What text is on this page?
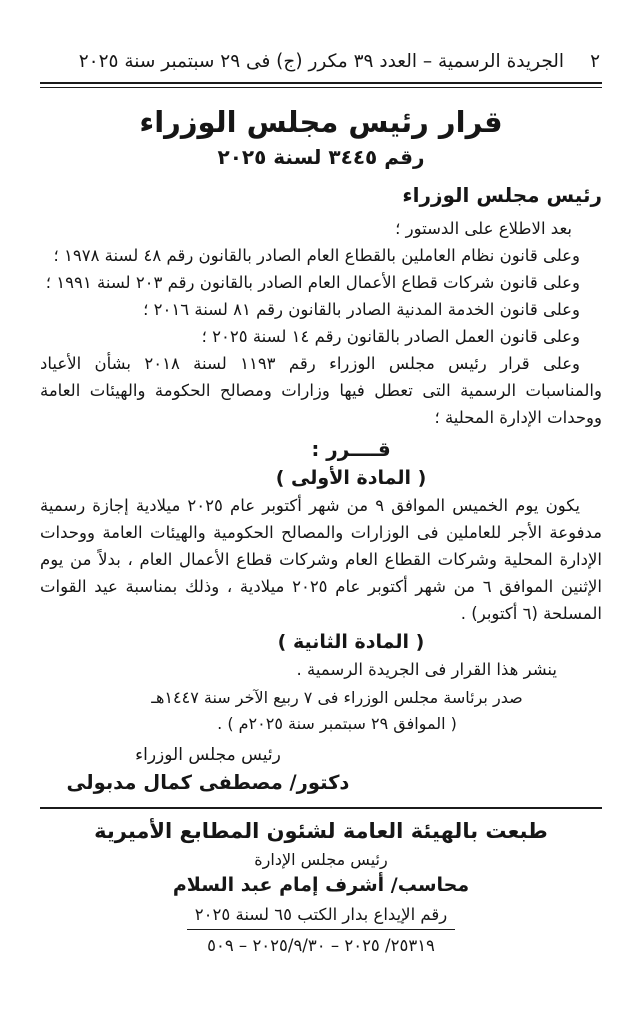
٢
الجريدة الرسمية – العدد ٣٩ مكرر (ج) فى ٢٩ سبتمبر سنة ٢٠٢٥
قرار رئيس مجلس الوزراء
رقم ٣٤٤٥ لسنة ٢٠٢٥
رئيس مجلس الوزراء

بعد الاطلاع على الدستور ؛

وعلى قانون نظام العاملين بالقطاع العام الصادر بالقانون رقم ٤٨ لسنة ١٩٧٨ ؛

وعلى قانون شركات قطاع الأعمال العام الصادر بالقانون رقم ٢٠٣ لسنة ١٩٩١ ؛

وعلى قانون الخدمة المدنية الصادر بالقانون رقم ٨١ لسنة ٢٠١٦ ؛

وعلى قانون العمل الصادر بالقانون رقم ١٤ لسنة ٢٠٢٥ ؛

وعلى قرار رئيس مجلس الوزراء رقم ١١٩٣ لسنة ٢٠١٨ بشأن الأعياد

والمناسبات الرسمية التى تعطل فيها وزارات ومصالح الحكومة والهيئات العامة

ووحدات الإدارة المحلية ؛

قــــرر :
( المادة الأولى )

يكون يوم الخميس الموافق ٩ من شهر أكتوبر عام ٢٠٢٥ ميلادية إجازة رسمية

مدفوعة الأجر للعاملين فى الوزارات والمصالح الحكومية والهيئات العامة ووحدات

الإدارة المحلية وشركات القطاع العام وشركات قطاع الأعمال العام ، بدلاً من يوم

الإثنين الموافق ٦ من شهر أكتوبر عام ٢٠٢٥ ميلادية ، وذلك بمناسبة عيد القوات

المسلحة (٦ أكتوبر) .

( المادة الثانية )

ينشر هذا القرار فى الجريدة الرسمية .

صدر برئاسة مجلس الوزراء فى ٧ ربيع الآخر سنة ١٤٤٧هـ

( الموافق ٢٩ سبتمبر سنة ٢٠٢٥م ) .

رئيس مجلس الوزراء
دكتور/ مصطفى كمال مدبولى
طبعت بالهيئة العامة لشئون المطابع الأميرية
رئيس مجلس الإدارة
محاسب/ أشرف إمام عبد السلام
رقم الإيداع بدار الكتب ٦٥ لسنة ٢٠٢٥
٢٥٣١٩/ ٢٠٢٥ – ٢٠٢٥/٩/٣٠ – ٥٠٩
